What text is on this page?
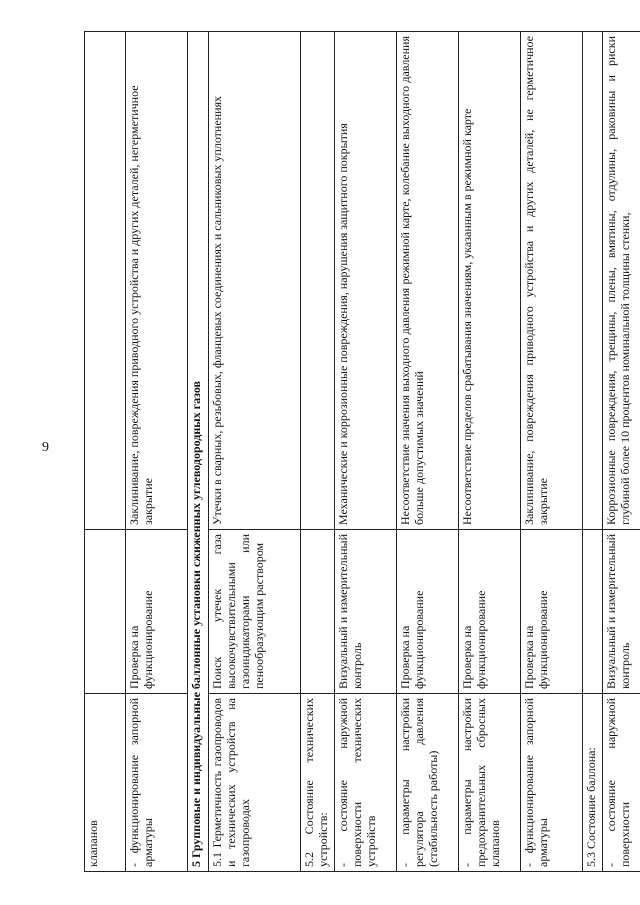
9
клапанов		
- функционирование запорной арматуры	Проверка на функционирование	Заклинивание, повреждения приводного устройства и других деталей, негерметичное закрытие
5 Групповые и индивидуальные баллонные установки сжиженных углеводородных газов		
5.1 Герметичность газопроводов и технических устройств на газопроводах	Поиск утечек газа высокочувствительными газоиндикаторами или пенообразующим раствором	Утечки в сварных, резьбовых, фланцевых соединениях и сальниковых уплотнениях
5.2 Состояние технических устройств:		
- состояние наружной поверхности технических устройств	Визуальный и измерительный контроль	Механические и коррозионные повреждения, нарушения защитного покрытия
- параметры настройки регулятора давления (стабильность работы)	Проверка на функционирование	Несоответствие значения выходного давления режимной карте, колебание выходного давления больше допустимых значений
- параметры настройки предохранительных сбросных клапанов	Проверка на функционирование	Несоответствие пределов срабатывания значениям, указанным в режимной карте
- функционирование запорной арматуры	Проверка на функционирование	Заклинивание, повреждения приводного устройства и других деталей, не герметичное закрытие
5.3 Состояние баллона:		
- состояние наружной поверхности	Визуальный и измерительный контроль	Коррозионные повреждения, трещины, плены, вмятины, отдулины, раковины и риски глубиной более 10 процентов номинальной толщины стенки,
